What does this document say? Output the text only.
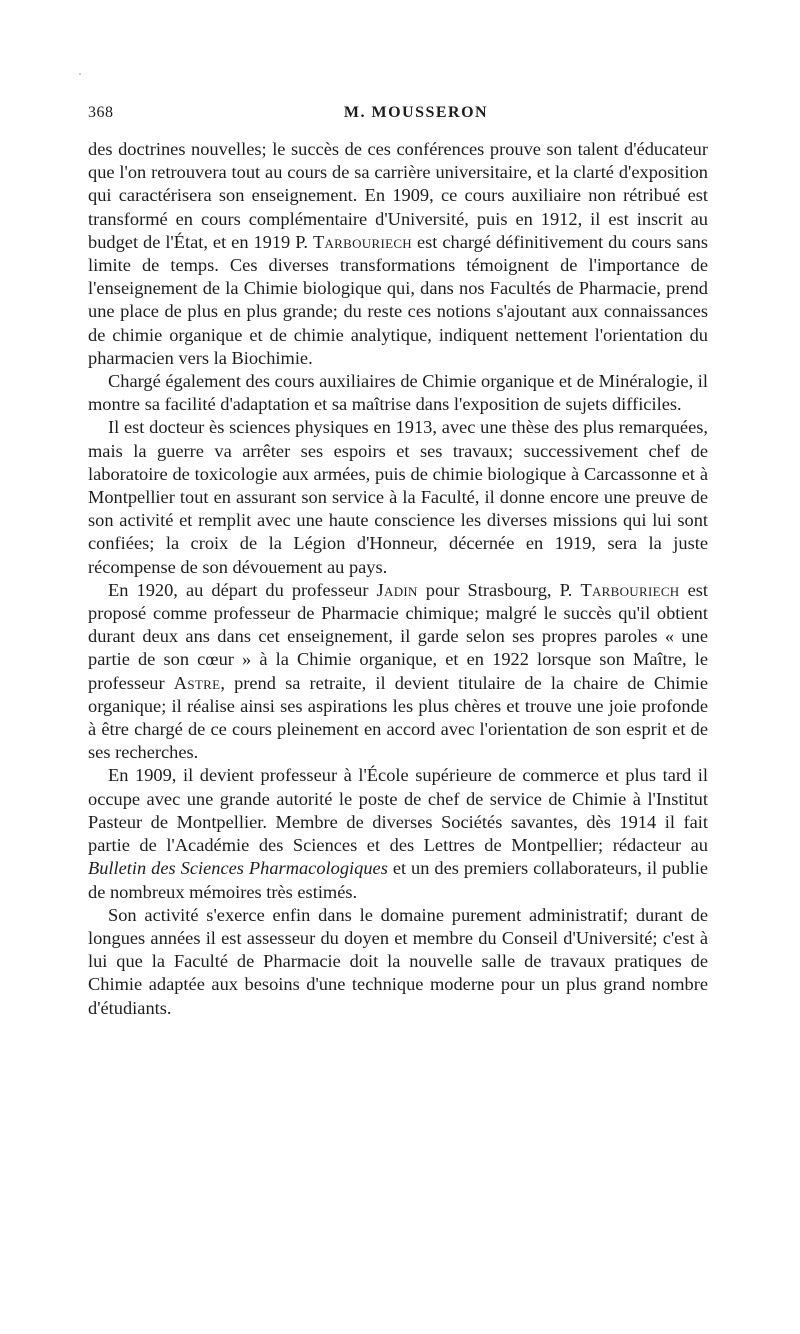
368	M. MOUSSERON

des doctrines nouvelles; le succès de ces conférences prouve son talent d'éducateur que l'on retrouvera tout au cours de sa carrière universitaire, et la clarté d'exposition qui caractérisera son enseignement. En 1909, ce cours auxiliaire non rétribué est transformé en cours complémentaire d'Université, puis en 1912, il est inscrit au budget de l'État, et en 1919 P. Tarbouriech est chargé définitivement du cours sans limite de temps. Ces diverses transformations témoignent de l'importance de l'enseignement de la Chimie biologique qui, dans nos Facultés de Pharmacie, prend une place de plus en plus grande; du reste ces notions s'ajoutant aux connaissances de chimie organique et de chimie analytique, indiquent nettement l'orientation du pharmacien vers la Biochimie.

Chargé également des cours auxiliaires de Chimie organique et de Minéralogie, il montre sa facilité d'adaptation et sa maîtrise dans l'exposition de sujets difficiles.

Il est docteur ès sciences physiques en 1913, avec une thèse des plus remarquées, mais la guerre va arrêter ses espoirs et ses travaux; successivement chef de laboratoire de toxicologie aux armées, puis de chimie biologique à Carcassonne et à Montpellier tout en assurant son service à la Faculté, il donne encore une preuve de son activité et remplit avec une haute conscience les diverses missions qui lui sont confiées; la croix de la Légion d'Honneur, décernée en 1919, sera la juste récompense de son dévouement au pays.

En 1920, au départ du professeur Jadin pour Strasbourg, P. Tarbouriech est proposé comme professeur de Pharmacie chimique; malgré le succès qu'il obtient durant deux ans dans cet enseignement, il garde selon ses propres paroles « une partie de son cœur » à la Chimie organique, et en 1922 lorsque son Maître, le professeur Astre, prend sa retraite, il devient titulaire de la chaire de Chimie organique; il réalise ainsi ses aspirations les plus chères et trouve une joie profonde à être chargé de ce cours pleinement en accord avec l'orientation de son esprit et de ses recherches.

En 1909, il devient professeur à l'École supérieure de commerce et plus tard il occupe avec une grande autorité le poste de chef de service de Chimie à l'Institut Pasteur de Montpellier. Membre de diverses Sociétés savantes, dès 1914 il fait partie de l'Académie des Sciences et des Lettres de Montpellier; rédacteur au Bulletin des Sciences Pharmacologiques et un des premiers collaborateurs, il publie de nombreux mémoires très estimés.

Son activité s'exerce enfin dans le domaine purement administratif; durant de longues années il est assesseur du doyen et membre du Conseil d'Université; c'est à lui que la Faculté de Pharmacie doit la nouvelle salle de travaux pratiques de Chimie adaptée aux besoins d'une technique moderne pour un plus grand nombre d'étudiants.
